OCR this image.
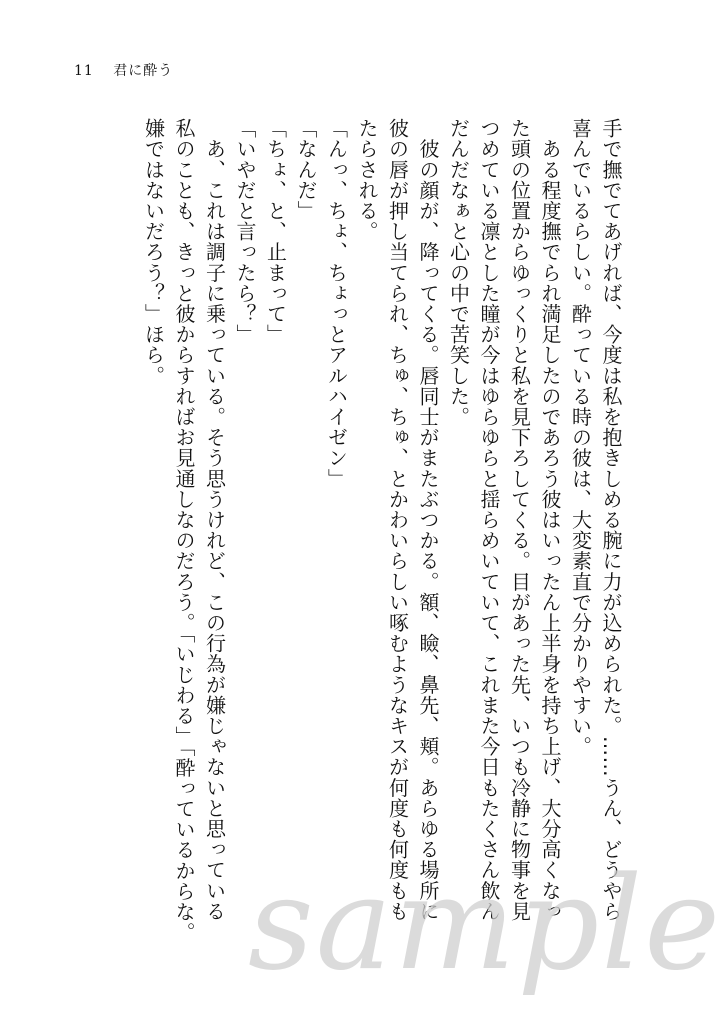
11 君に酔う

手で撫でてあげれば、今度は私を抱きしめる腕に力が込められた。……うん、どうやら

喜んでいるらしい。酔っている時の彼は、大変素直で分かりやすい。

　ある程度撫でられ満足したのであろう彼はいったん上半身を持ち上げ、大分高くなっ

た頭の位置からゆっくりと私を見下ろしてくる。目があった先、いつも冷静に物事を見

つめている凛とした瞳が今はゆらゆらと揺らめいていて、これまた今日もたくさん飲ん

だんだなぁと心の中で苦笑した。

　彼の顔が、降ってくる。唇同士がまたぶつかる。額、瞼、鼻先、頬。あらゆる場所に

彼の唇が押し当てられ、ちゅ、ちゅ、とかわいらしい啄むようなキスが何度も何度もも

たらされる。

「んっ、ちょ、ちょっとアルハイゼン」

「なんだ」

「ちょ、と、止まって」

「いやだと言ったら？」

　あ、これは調子に乗っている。そう思うけれど、この行為が嫌じゃないと思っている

私のことも、きっと彼からすればお見通しなのだろう。「いじわる」「酔っているからな。

嫌ではないだろう？」ほら。

sample
